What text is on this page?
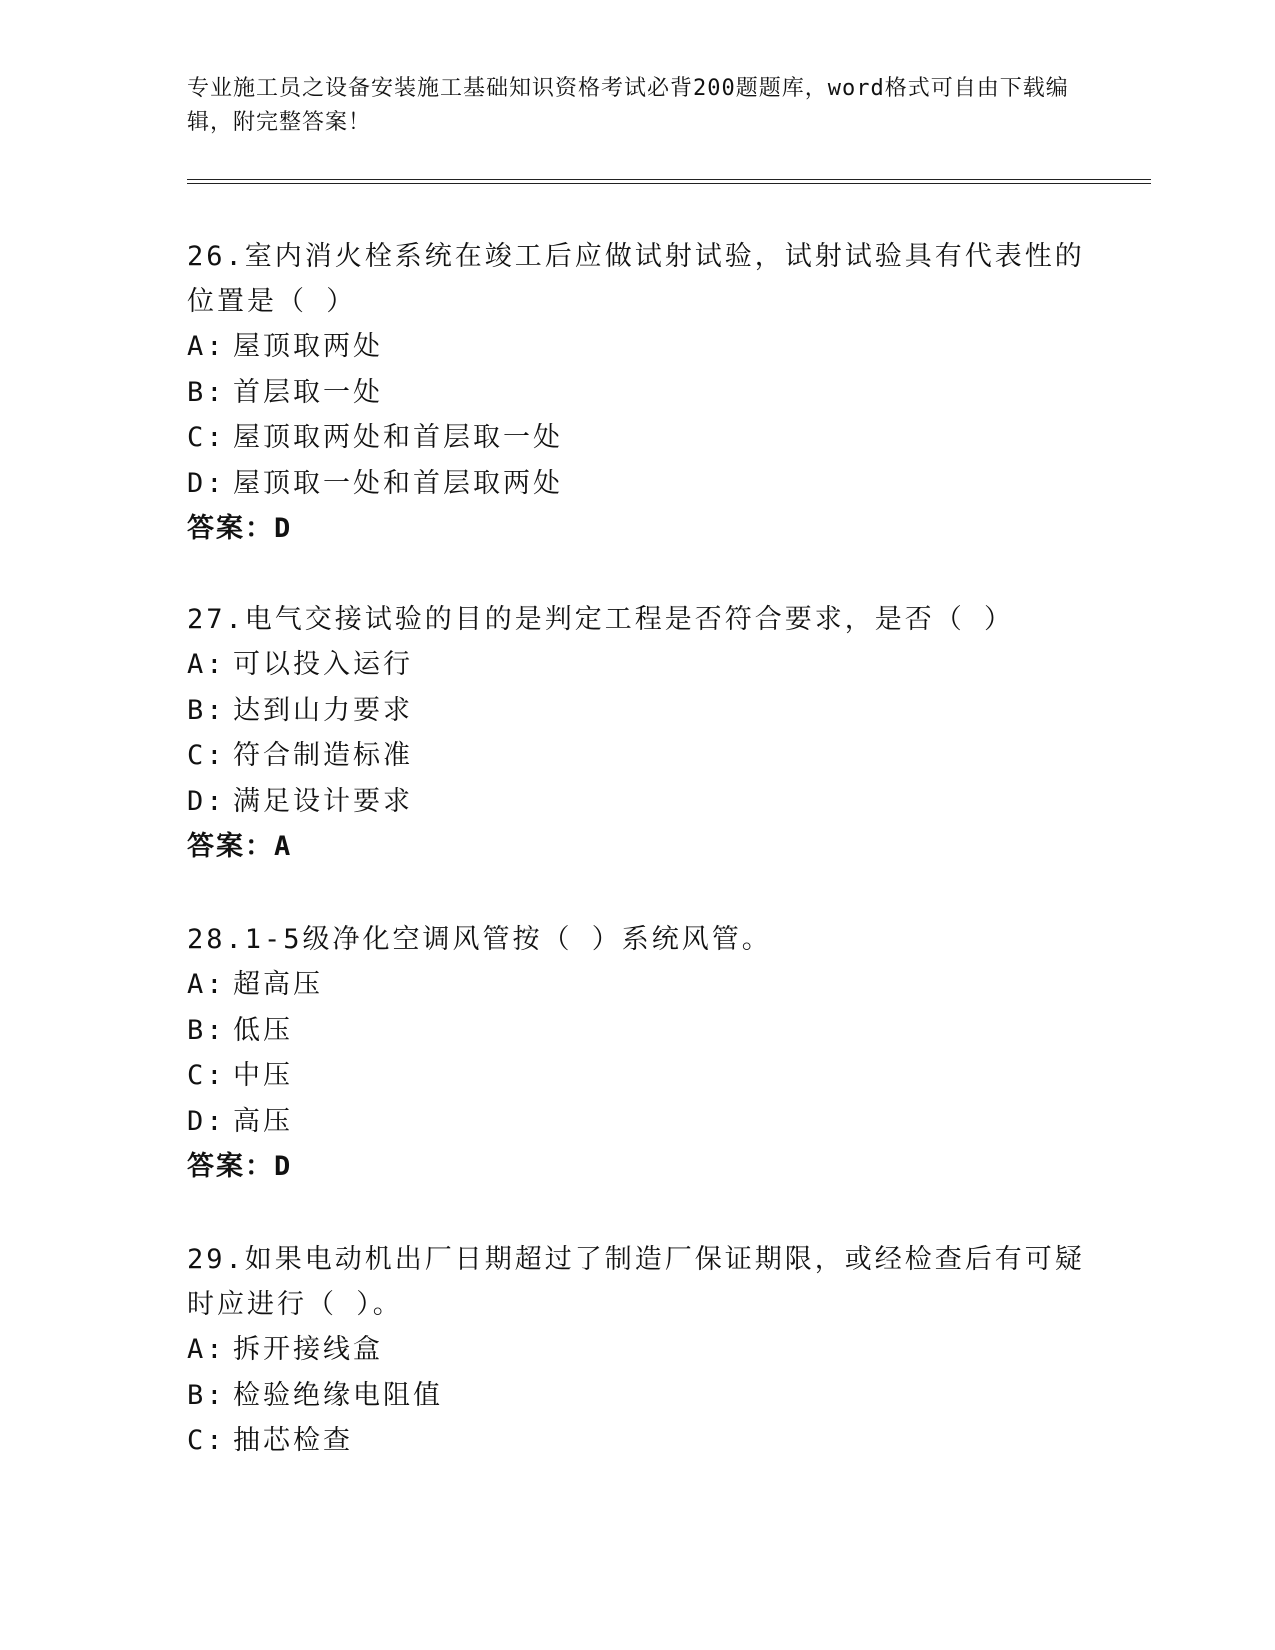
专业施工员之设备安装施工基础知识资格考试必背200题题库，word格式可自由下载编辑，附完整答案！
26.室内消火栓系统在竣工后应做试射试验，试射试验具有代表性的位置是（ ）
A: 屋顶取两处
B: 首层取一处
C: 屋顶取两处和首层取一处
D: 屋顶取一处和首层取两处
答案：D
27.电气交接试验的目的是判定工程是否符合要求，是否（ ）
A: 可以投入运行
B: 达到山力要求
C: 符合制造标准
D: 满足设计要求
答案：A
28.1-5级净化空调风管按（ ）系统风管。
A: 超高压
B: 低压
C: 中压
D: 高压
答案：D
29.如果电动机出厂日期超过了制造厂保证期限，或经检查后有可疑时应进行（ ）。
A: 拆开接线盒
B: 检验绝缘电阻值
C: 抽芯检查
